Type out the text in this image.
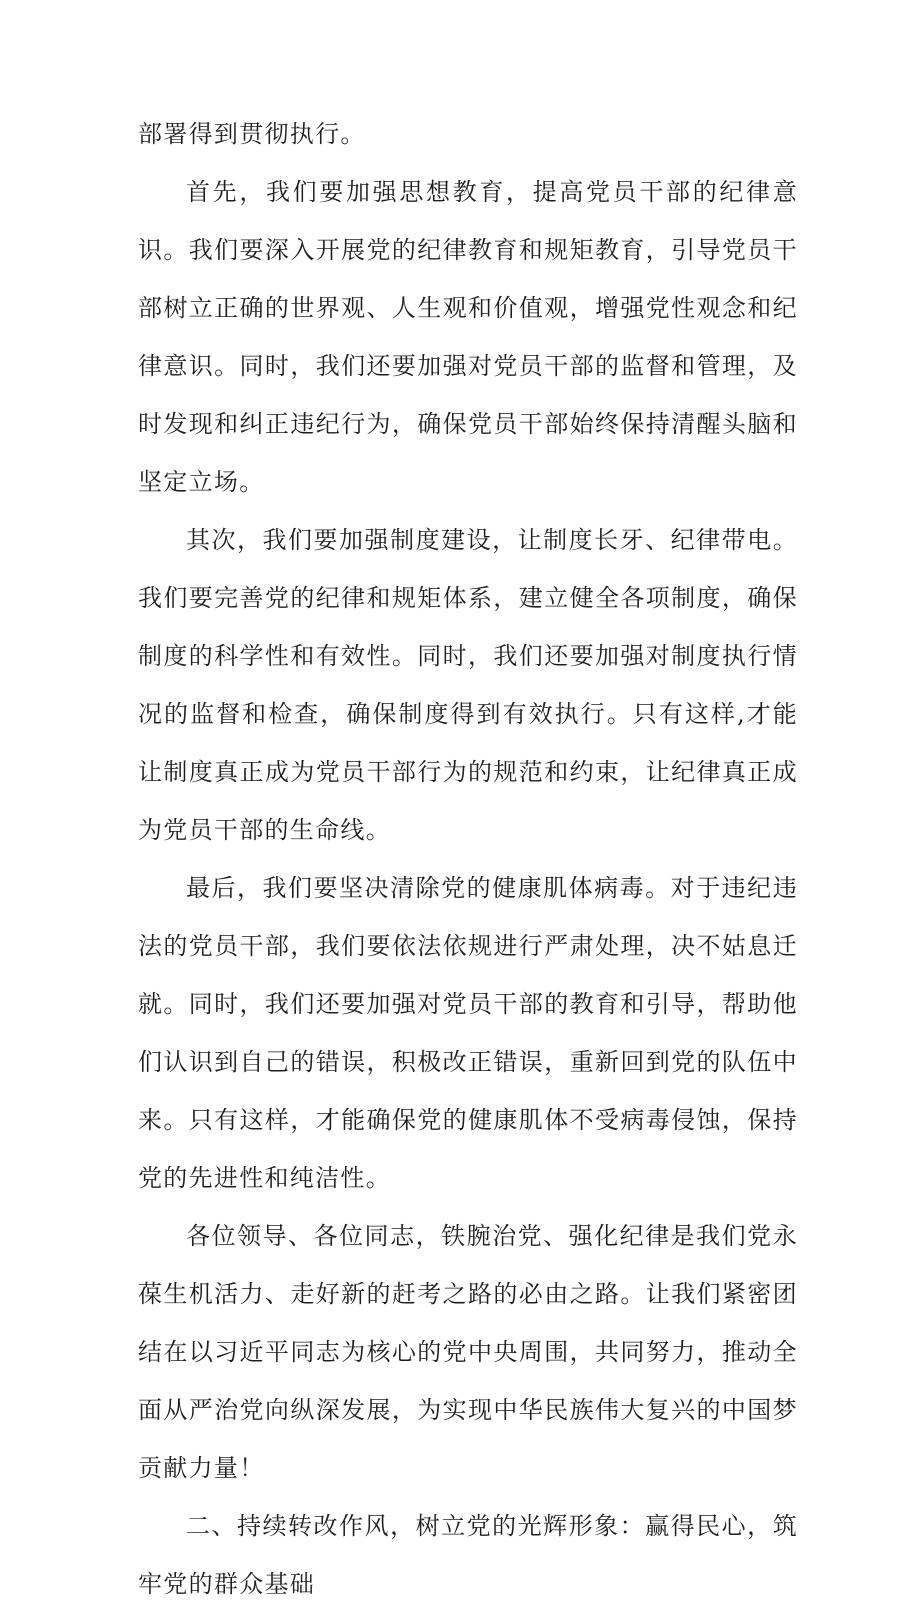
部署得到贯彻执行。

首先，我们要加强思想教育，提高党员干部的纪律意识。我们要深入开展党的纪律教育和规矩教育，引导党员干部树立正确的世界观、人生观和价值观，增强党性观念和纪律意识。同时，我们还要加强对党员干部的监督和管理，及时发现和纠正违纪行为，确保党员干部始终保持清醒头脑和坚定立场。

其次，我们要加强制度建设，让制度长牙、纪律带电。我们要完善党的纪律和规矩体系，建立健全各项制度，确保制度的科学性和有效性。同时，我们还要加强对制度执行情况的监督和检查，确保制度得到有效执行。只有这样,才能让制度真正成为党员干部行为的规范和约束，让纪律真正成为党员干部的生命线。

最后，我们要坚决清除党的健康肌体病毒。对于违纪违法的党员干部，我们要依法依规进行严肃处理，决不姑息迁就。同时，我们还要加强对党员干部的教育和引导，帮助他们认识到自己的错误，积极改正错误，重新回到党的队伍中来。只有这样，才能确保党的健康肌体不受病毒侵蚀，保持党的先进性和纯洁性。

各位领导、各位同志，铁腕治党、强化纪律是我们党永葆生机活力、走好新的赶考之路的必由之路。让我们紧密团结在以习近平同志为核心的党中央周围，共同努力，推动全面从严治党向纵深发展，为实现中华民族伟大复兴的中国梦贡献力量！

二、持续转改作风，树立党的光辉形象：赢得民心，筑牢党的群众基础
